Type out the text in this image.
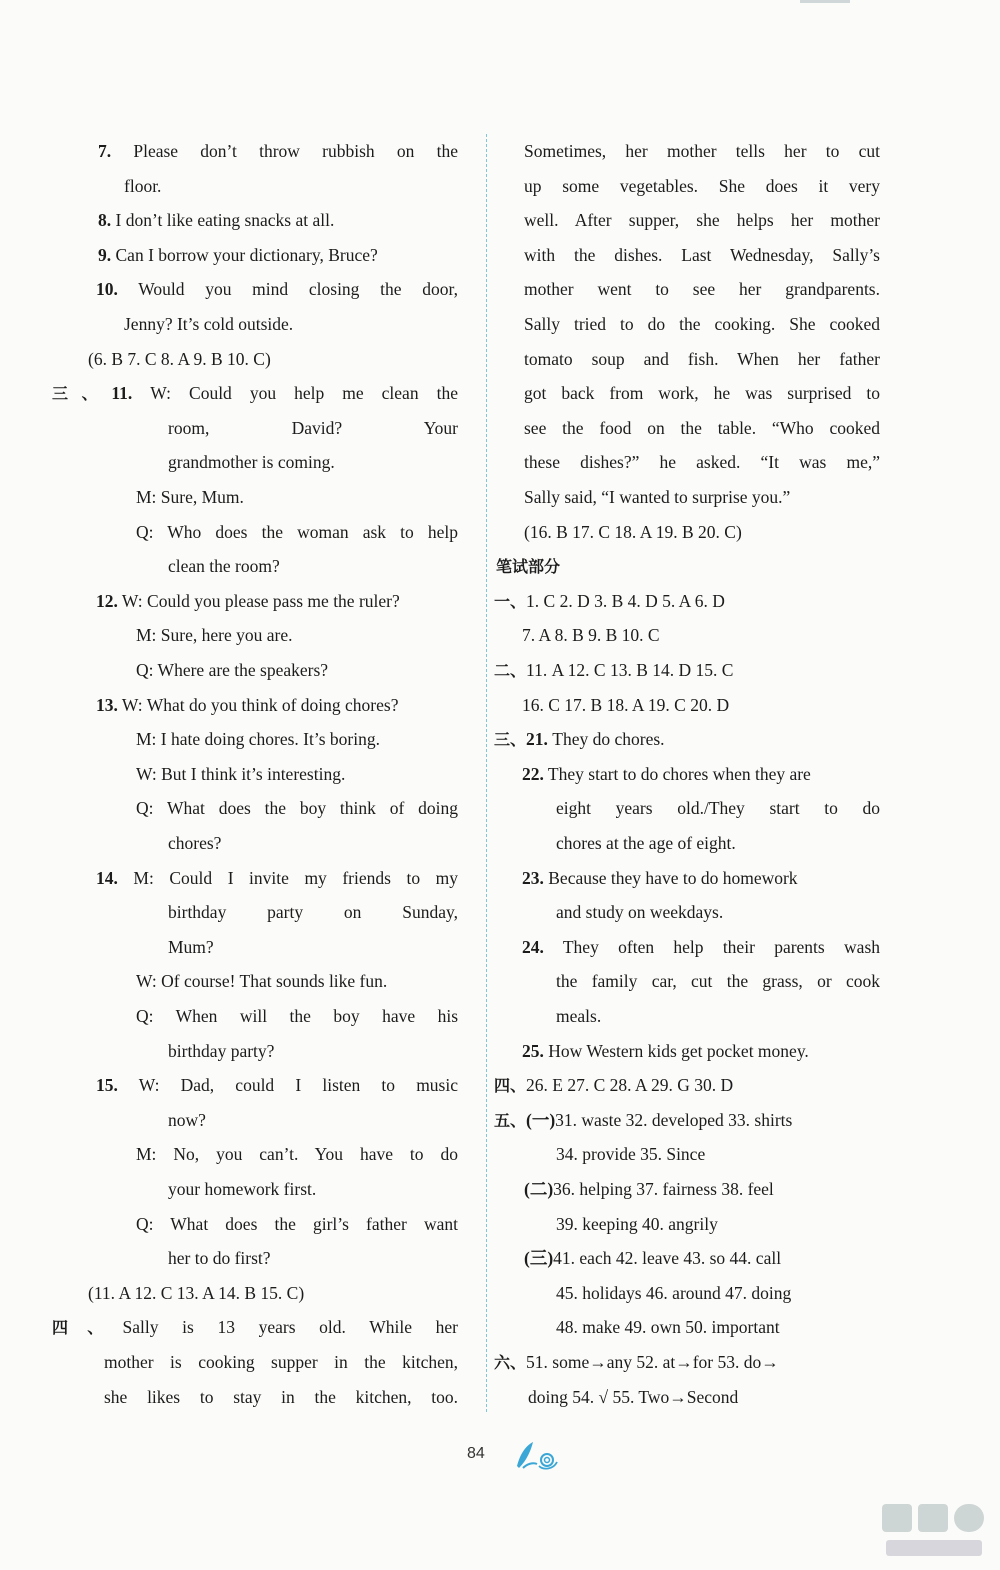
7. Please don’t throw rubbish on the
floor.
8. I don’t like eating snacks at all.
9. Can I borrow your dictionary, Bruce?
10. Would you mind closing the door,
Jenny? It’s cold outside.
(6. B 7. C 8. A 9. B 10. C)
三、11. W: Could you help me clean the
room, David? Your
grandmother is coming.
M: Sure, Mum.
Q: Who does the woman ask to help
clean the room?
12. W: Could you please pass me the ruler?
M: Sure, here you are.
Q: Where are the speakers?
13. W: What do you think of doing chores?
M: I hate doing chores. It’s boring.
W: But I think it’s interesting.
Q: What does the boy think of doing
chores?
14. M: Could I invite my friends to my
birthday party on Sunday,
Mum?
W: Of course! That sounds like fun.
Q: When will the boy have his
birthday party?
15. W: Dad, could I listen to music
now?
M: No, you can’t. You have to do
your homework first.
Q: What does the girl’s father want
her to do first?
(11. A 12. C 13. A 14. B 15. C)
四、Sally is 13 years old. While her
mother is cooking supper in the kitchen,
she likes to stay in the kitchen, too.
Sometimes, her mother tells her to cut
up some vegetables. She does it very
well. After supper, she helps her mother
with the dishes. Last Wednesday, Sally’s
mother went to see her grandparents.
Sally tried to do the cooking. She cooked
tomato soup and fish. When her father
got back from work, he was surprised to
see the food on the table. “Who cooked
these dishes?” he asked. “It was me,”
Sally said, “I wanted to surprise you.”
(16. B 17. C 18. A 19. B 20. C)
笔试部分
一、1. C 2. D 3. B 4. D 5. A 6. D
7. A 8. B 9. B 10. C
二、11. A 12. C 13. B 14. D 15. C
16. C 17. B 18. A 19. C 20. D
三、21. They do chores.
22. They start to do chores when they are
eight years old./They start to do
chores at the age of eight.
23. Because they have to do homework
and study on weekdays.
24. They often help their parents wash
the family car, cut the grass, or cook
meals.
25. How Western kids get pocket money.
四、26. E 27. C 28. A 29. G 30. D
五、(一)31. waste 32. developed 33. shirts
34. provide 35. Since
(二)36. helping 37. fairness 38. feel
39. keeping 40. angrily
(三)41. each 42. leave 43. so 44. call
45. holidays 46. around 47. doing
48. make 49. own 50. important
六、51. some→any 52. at→for 53. do→
doing 54. √ 55. Two→Second
84
